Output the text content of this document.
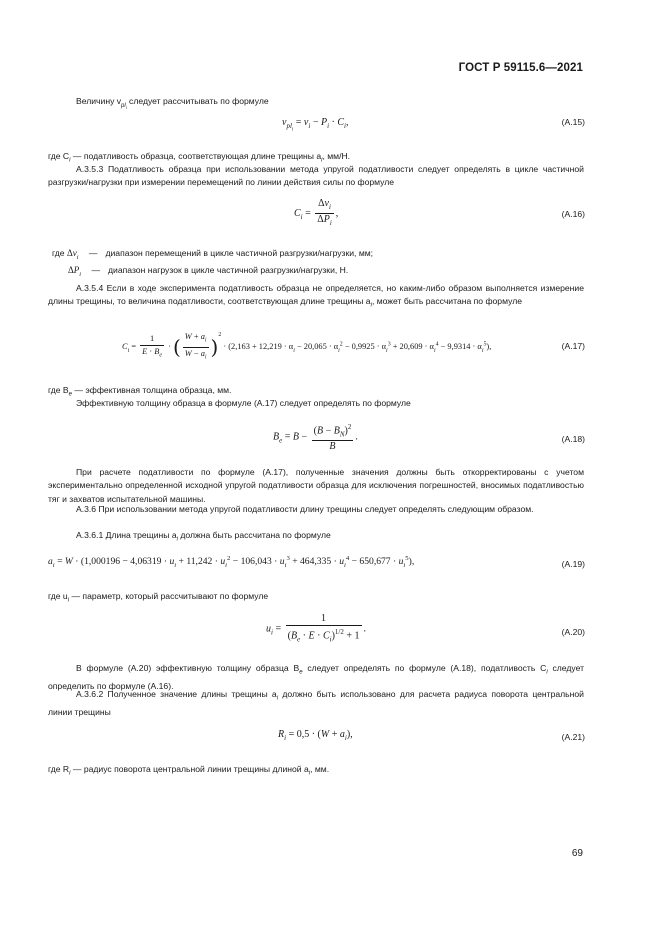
ГОСТ Р 59115.6—2021
Величину $v_{pl_i}$ следует рассчитывать по формуле
$v_{pl_i} = v_i - P_i \cdot C_i$,	(A.15)
где $C_i$ — податливость образца, соответствующая длине трещины $a_i$, мм/Н.
А.3.5.3 Податливость образца при использовании метода упругой податливости следует определять в цикле частичной разгрузки/нагрузки при измерении перемещений по линии действия силы по формуле
$C_i = \frac{\Delta v_i}{\Delta P_i}$ ,	(A.16)
где $\Delta v_i$ — диапазон перемещений в цикле частичной разгрузки/нагрузки, мм;
$\Delta P_i$ — диапазон нагрузок в цикле частичной разгрузки/нагрузки, Н.
А.3.5.4 Если в ходе эксперимента податливость образца не определяется, но каким-либо образом выполняется измерение длины трещины, то величина податливости, соответствующая длине трещины $a_i$, может быть рассчитана по формуле
$C_i = \frac{1}{E \cdot B_e}$ · ( $\frac{W + a_i}{W - a_i} )^2 \cdot (2,163 + 12,219 \cdot \alpha_i - 20,065 \cdot \alpha_i^2 - 0,9925 \cdot \alpha_i^3 + 20,609 \cdot \alpha_i^4 - 9,9314 \cdot \alpha_i^5)$,	(A.17)
где $B_e$ — эффективная толщина образца, мм.
Эффективную толщину образца в формуле (A.17) следует определять по формуле
$B_e = B - \frac{(B - B_N)^2}{B}$ .	(A.18)
При расчете податливости по формуле (A.17), полученные значения должны быть откорректированы с учетом экспериментально определенной исходной упругой податливости образца для исключения погрешностей, вносимых податливостью тяг и захватов испытательной машины.
А.3.6 При использовании метода упругой податливости длину трещины следует определять следующим образом.
А.3.6.1 Длина трещины $a_i$ должна быть рассчитана по формуле
$a_i = W \cdot (1,000196 - 4,06319 \cdot u_i + 11,242 \cdot u_i^2 - 106,043 \cdot u_i^3 + 464,335 \cdot u_i^4 - 650,677 \cdot u_i^5)$,	(A.19)
где $u_i$ — параметр, который рассчитывают по формуле
$u_i = \frac{1}{(B_e \cdot E \cdot C_i)^{1/2} + 1}$ .	(A.20)
В формуле (A.20) эффективную толщину образца $B_e$ следует определять по формуле (A.18), податливость $C_i$ следует определить по формуле (A.16).
А.3.6.2 Полученное значение длины трещины $a_i$ должно быть использовано для расчета радиуса поворота центральной линии трещины
$R_i = 0,5 \cdot (W + a_i)$,	(A.21)
где $R_i$ — радиус поворота центральной линии трещины длиной $a_i$, мм.
69
